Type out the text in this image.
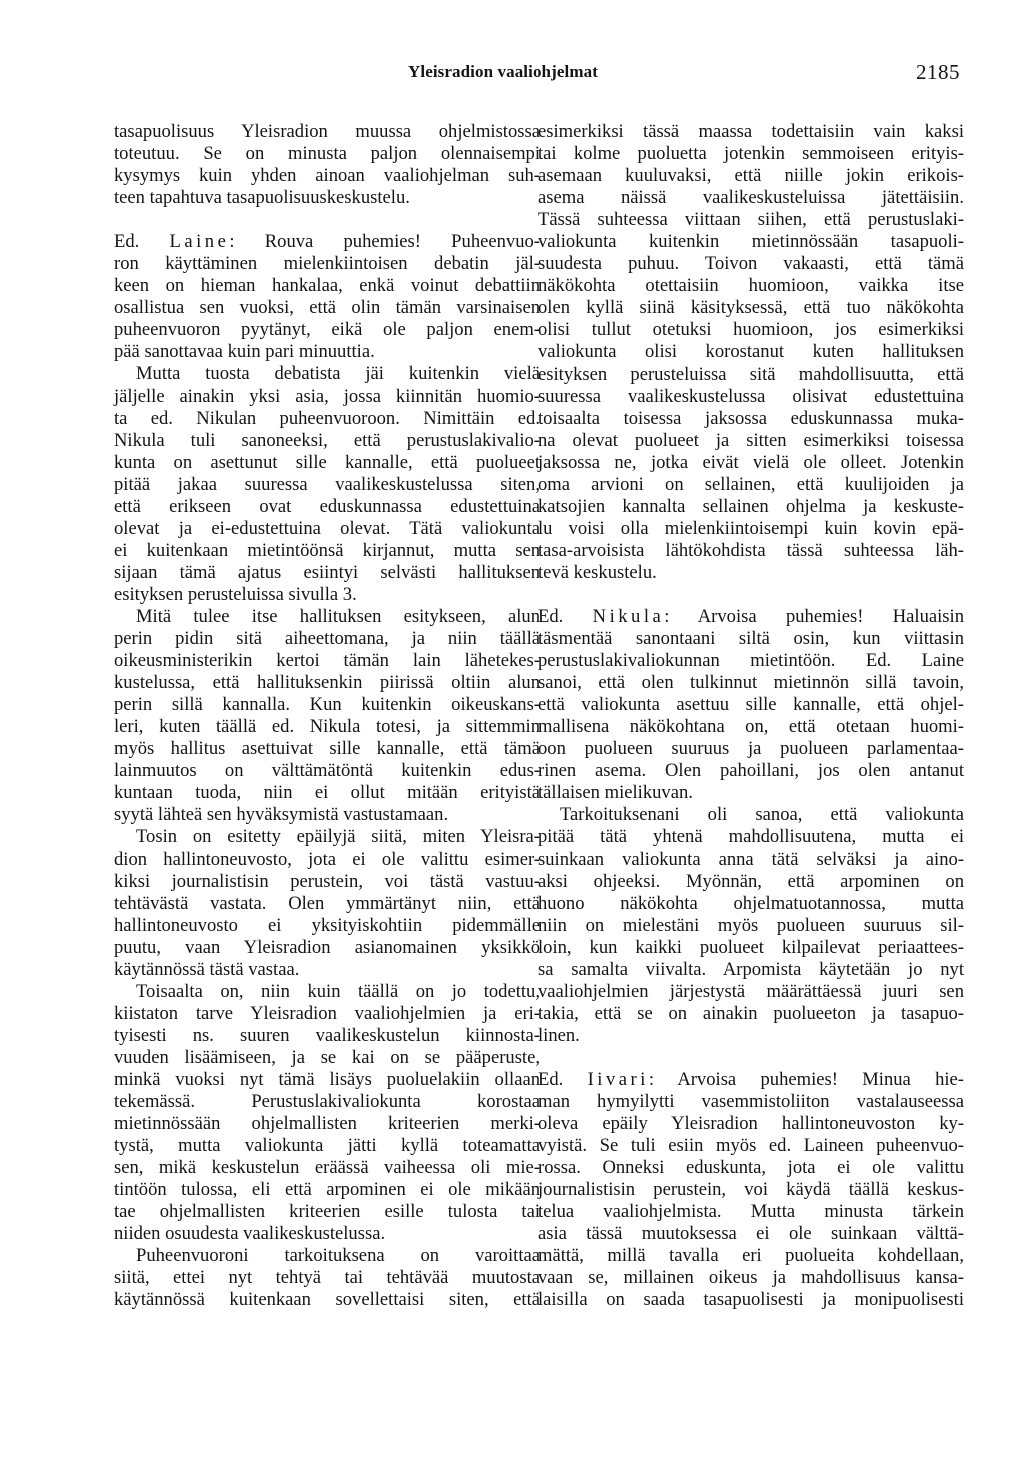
Yleisradion vaaliohjelmat	2185
tasapuolisuus Yleisradion muussa ohjelmistossa
toteutuu. Se on minusta paljon olennaisempi
kysymys kuin yhden ainoan vaaliohjelman suh-
teen tapahtuva tasapuolisuuskeskustelu.
Ed. Laine: Rouva puhemies! Puheenvuo-
ron käyttäminen mielenkiintoisen debatin jäl-
keen on hieman hankalaa, enkä voinut debattiin
osallistua sen vuoksi, että olin tämän varsinaisen
puheenvuoron pyytänyt, eikä ole paljon enem-
pää sanottavaa kuin pari minuuttia.
Mutta tuosta debatista jäi kuitenkin vielä
jäljelle ainakin yksi asia, jossa kiinnitän huomio-
ta ed. Nikulan puheenvuoroon. Nimittäin ed.
Nikula tuli sanoneeksi, että perustuslakivalio-
kunta on asettunut sille kannalle, että puolueet
pitää jakaa suuressa vaalikeskustelussa siten,
että erikseen ovat eduskunnassa edustettuina
olevat ja ei-edustettuina olevat. Tätä valiokunta
ei kuitenkaan mietintöönsä kirjannut, mutta sen
sijaan tämä ajatus esiintyi selvästi hallituksen
esityksen perusteluissa sivulla 3.
Mitä tulee itse hallituksen esitykseen, alun
perin pidin sitä aiheettomana, ja niin täällä
oikeusministerikin kertoi tämän lain lähetekes-
kustelussa, että hallituksenkin piirissä oltiin alun
perin sillä kannalla. Kun kuitenkin oikeuskans-
leri, kuten täällä ed. Nikula totesi, ja sittemmin
myös hallitus asettuivat sille kannalle, että tämä
lainmuutos on välttämätöntä kuitenkin edus-
kuntaan tuoda, niin ei ollut mitään erityistä
syytä lähteä sen hyväksymistä vastustamaan.
Tosin on esitetty epäilyjä siitä, miten Yleisra-
dion hallintoneuvosto, jota ei ole valittu esimer-
kiksi journalistisin perustein, voi tästä vastuu-
tehtävästä vastata. Olen ymmärtänyt niin, että
hallintoneuvosto ei yksityiskohtiin pidemmälle
puutu, vaan Yleisradion asianomainen yksikkö
käytännössä tästä vastaa.
Toisaalta on, niin kuin täällä on jo todettu,
kiistaton tarve Yleisradion vaaliohjelmien ja eri-
tyisesti ns. suuren vaalikeskustelun kiinnosta-
vuuden lisäämiseen, ja se kai on se pääperuste,
minkä vuoksi nyt tämä lisäys puoluelakiin ollaan
tekemässä. Perustuslakivaliokunta korostaa
mietinnössään ohjelmallisten kriteerien merki-
tystä, mutta valiokunta jätti kyllä toteamatta
sen, mikä keskustelun eräässä vaiheessa oli mie-
tintöön tulossa, eli että arpominen ei ole mikään
tae ohjelmallisten kriteerien esille tulosta tai
niiden osuudesta vaalikeskustelussa.
Puheenvuoroni tarkoituksena on varoittaa
siitä, ettei nyt tehtyä tai tehtävää muutosta
käytännössä kuitenkaan sovellettaisi siten, että
esimerkiksi tässä maassa todettaisiin vain kaksi
tai kolme puoluetta jotenkin semmoiseen erityis-
asemaan kuuluvaksi, että niille jokin erikois-
asema näissä vaalikeskusteluissa jätettäisiin.
Tässä suhteessa viittaan siihen, että perustuslaki-
valiokunta kuitenkin mietinnössään tasapuoli-
suudesta puhuu. Toivon vakaasti, että tämä
näkökohta otettaisiin huomioon, vaikka itse
olen kyllä siinä käsityksessä, että tuo näkökohta
olisi tullut otetuksi huomioon, jos esimerkiksi
valiokunta olisi korostanut kuten hallituksen
esityksen perusteluissa sitä mahdollisuutta, että
suuressa vaalikeskustelussa olisivat edustettuina
toisaalta toisessa jaksossa eduskunnassa muka-
na olevat puolueet ja sitten esimerkiksi toisessa
jaksossa ne, jotka eivät vielä ole olleet. Jotenkin
oma arvioni on sellainen, että kuulijoiden ja
katsojien kannalta sellainen ohjelma ja keskuste-
lu voisi olla mielenkiintoisempi kuin kovin epä-
tasa-arvoisista lähtökohdista tässä suhteessa läh-
tevä keskustelu.
Ed. Nikula: Arvoisa puhemies! Haluaisin
täsmentää sanontaani siltä osin, kun viittasin
perustuslakivaliokunnan mietintöön. Ed. Laine
sanoi, että olen tulkinnut mietinnön sillä tavoin,
että valiokunta asettuu sille kannalle, että ohjel-
mallisena näkökohtana on, että otetaan huomi-
oon puolueen suuruus ja puolueen parlamentaa-
rinen asema. Olen pahoillani, jos olen antanut
tällaisen mielikuvan.
Tarkoituksenani oli sanoa, että valiokunta
pitää tätä yhtenä mahdollisuutena, mutta ei
suinkaan valiokunta anna tätä selväksi ja aino-
aksi ohjeeksi. Myönnän, että arpominen on
huono näkökohta ohjelmatuotannossa, mutta
niin on mielestäni myös puolueen suuruus sil-
loin, kun kaikki puolueet kilpailevat periaattees-
sa samalta viivalta. Arpomista käytetään jo nyt
vaaliohjelmien järjestystä määrättäessä juuri sen
takia, että se on ainakin puolueeton ja tasapuo-
linen.
Ed. Iivari: Arvoisa puhemies! Minua hie-
man hymyilytti vasemmistoliiton vastalauseessa
oleva epäily Yleisradion hallintoneuvoston ky-
vyistä. Se tuli esiin myös ed. Laineen puheenvuo-
rossa. Onneksi eduskunta, jota ei ole valittu
journalistisin perustein, voi käydä täällä keskus-
telua vaaliohjelmista. Mutta minusta tärkein
asia tässä muutoksessa ei ole suinkaan välttä-
mättä, millä tavalla eri puolueita kohdellaan,
vaan se, millainen oikeus ja mahdollisuus kansa-
laisilla on saada tasapuolisesti ja monipuolisesti
